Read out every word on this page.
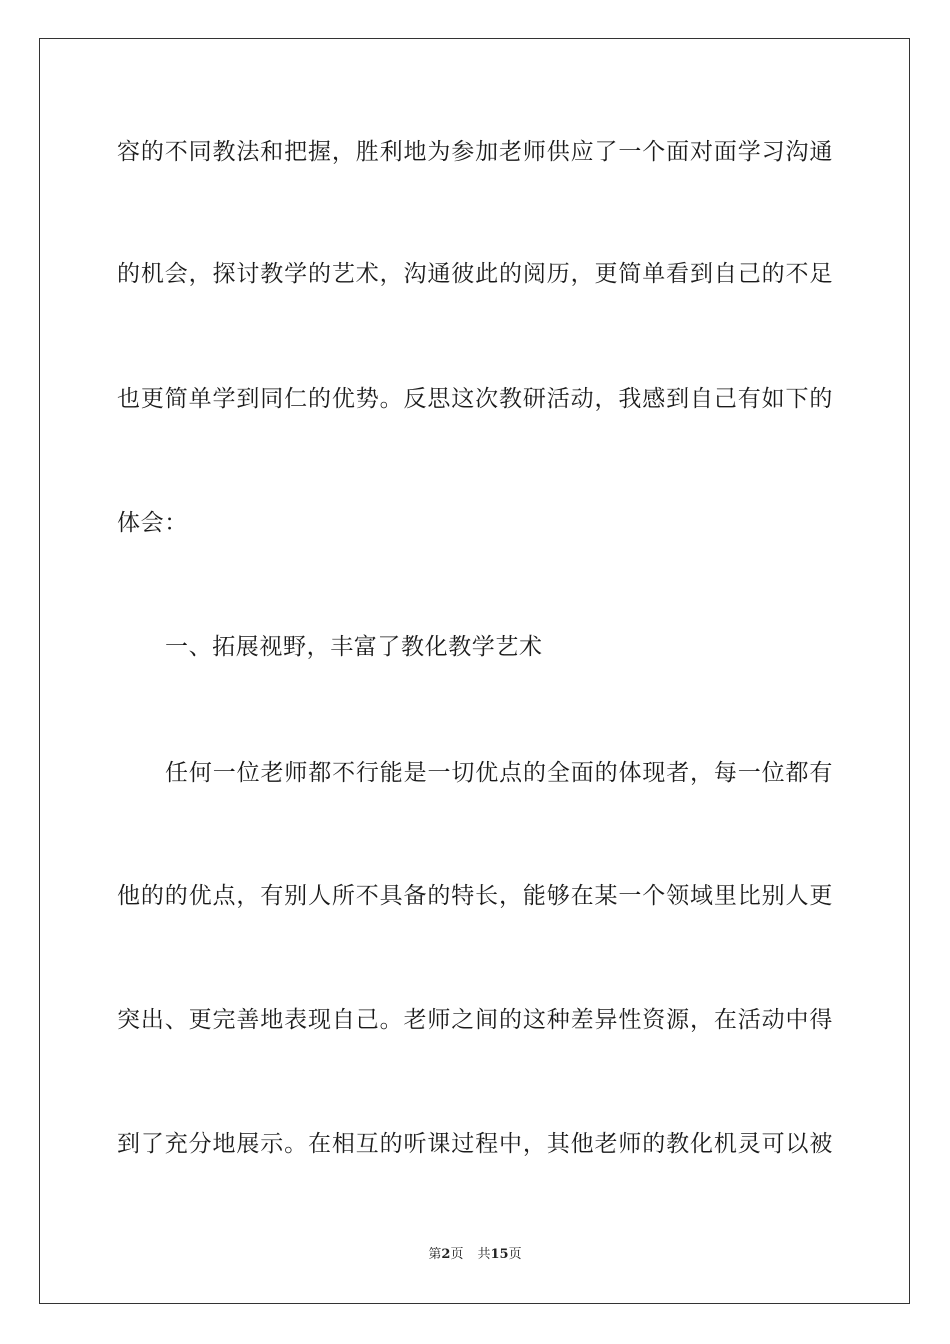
容的不同教法和把握，胜利地为参加老师供应了一个面对面学习沟通
的机会，探讨教学的艺术，沟通彼此的阅历，更简单看到自己的不足
也更简单学到同仁的优势。反思这次教研活动，我感到自己有如下的
体会：
一、拓展视野，丰富了教化教学艺术
任何一位老师都不行能是一切优点的全面的体现者，每一位都有
他的的优点，有别人所不具备的特长，能够在某一个领域里比别人更
突出、更完善地表现自己。老师之间的这种差异性资源，在活动中得
到了充分地展示。在相互的听课过程中，其他老师的教化机灵可以被
第2页 共15页
